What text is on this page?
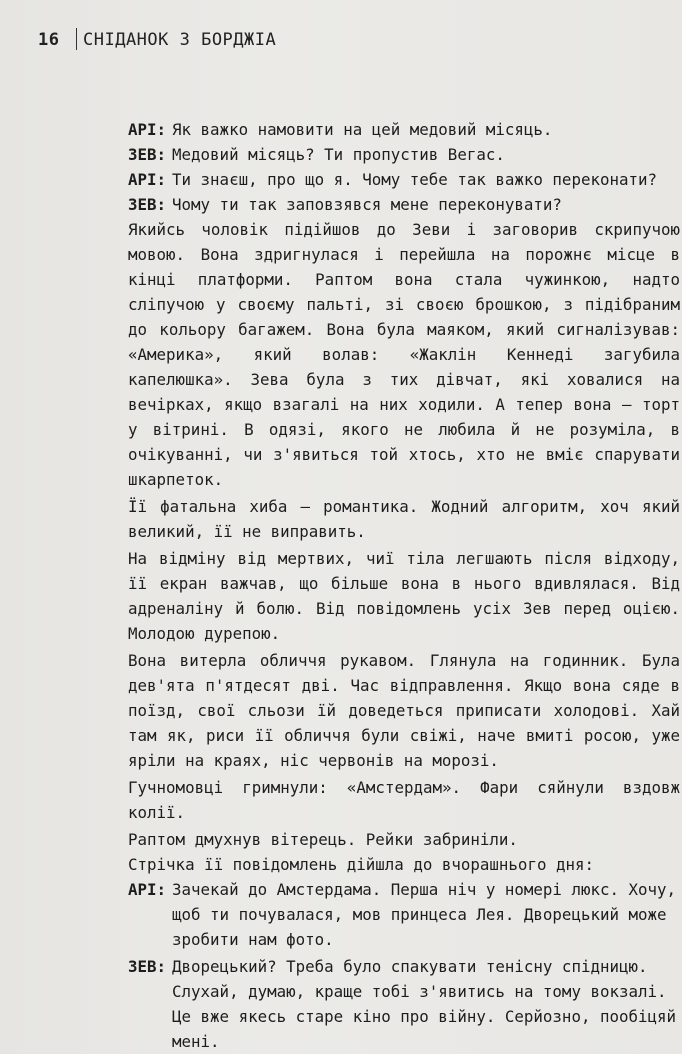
16 СНІДАНОК З БОРДЖІА
АРІ: Як важко намовити на цей медовий місяць.
ЗЕВ: Медовий місяць? Ти пропустив Вегас.
АРІ: Ти знаєш, про що я. Чому тебе так важко переконати?
ЗЕВ: Чому ти так заповзявся мене переконувати?

Якийсь чоловік підійшов до Зеви і заговорив скрипучою мовою. Вона здригнулася і перейшла на порожнє місце в кінці платформи. Раптом вона стала чужинкою, надто сліпучою у своєму пальті, зі своєю брошкою, з підібраним до кольору багажем. Вона була маяком, який сигналізував: «Америка», який волав: «Жаклін Кеннеді загубила капелюшка». Зева була з тих дівчат, які ховалися на вечірках, якщо взагалі на них ходили. А тепер вона — торт у вітрині. В одязі, якого не любила й не розуміла, в очікуванні, чи з'явиться той хтось, хто не вміє спарувати шкарпеток.

Її фатальна хиба — романтика. Жодний алгоритм, хоч який великий, її не виправить.

На відміну від мертвих, чиї тіла легшають після відходу, її екран важчав, що більше вона в нього вдивлялася. Від адреналіну й болю. Від повідомлень усіх Зев перед оцією. Молодою дурепою.

Вона витерла обличчя рукавом. Глянула на годинник. Була дев'ята п'ятдесят дві. Час відправлення. Якщо вона сяде в поїзд, свої сльози їй доведеться приписати холодові. Хай там як, риси її обличчя були свіжі, наче вмиті росою, уже яріли на краях, ніс червонів на морозі.

Гучномовці гримнули: «Амстердам». Фари сяйнули вздовж колії.

Раптом дмухнув вітерець. Рейки забриніли.

Стрічка її повідомлень дійшла до вчорашнього дня:

АРІ: Зачекай до Амстердама. Перша ніч у номері люкс. Хочу, щоб ти почувалася, мов принцеса Лея. Дворецький може зробити нам фото.
ЗЕВ: Дворецький? Треба було спакувати тенісну спідницю. Слухай, думаю, краще тобі з'явитись на тому вокзалі. Це вже якесь старе кіно про війну. Серйозно, пообіцяй мені.
